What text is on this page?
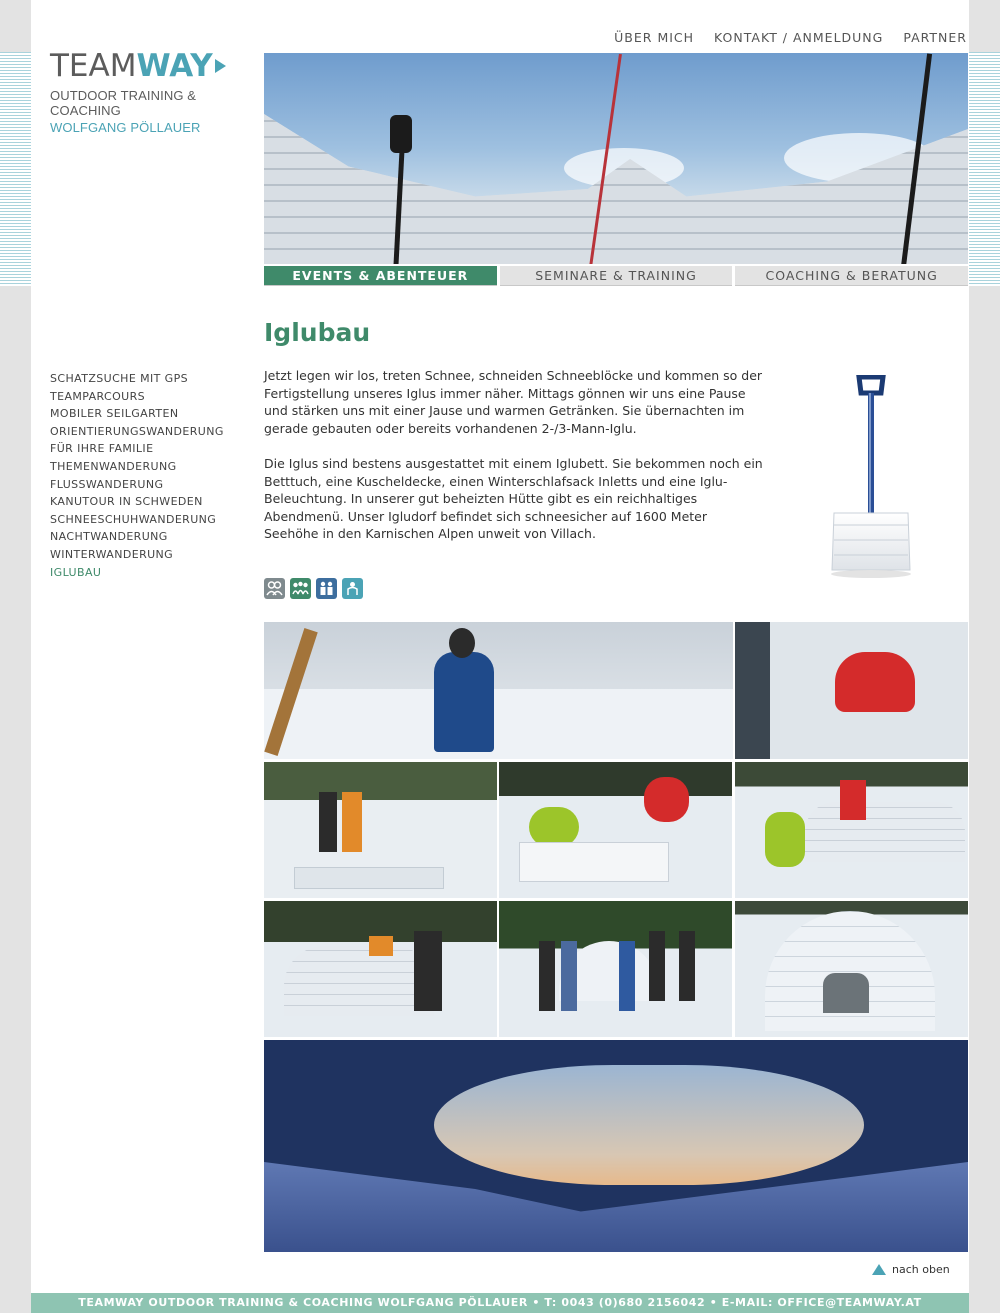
TEAMWAY
OUTDOOR TRAINING & COACHING
WOLFGANG PÖLLAUER
ÜBER MICH KONTAKT / ANMELDUNG PARTNER
EVENTS & ABENTEUER	SEMINARE & TRAINING	COACHING & BERATUNG
SCHATZSUCHE MIT GPS
TEAMPARCOURS
MOBILER SEILGARTEN
ORIENTIERUNGSWANDERUNG
FÜR IHRE FAMILIE
THEMENWANDERUNG
FLUSSWANDERUNG
KANUTOUR IN SCHWEDEN
SCHNEESCHUHWANDERUNG
NACHTWANDERUNG
WINTERWANDERUNG
IGLUBAU
Iglubau

Jetzt legen wir los, treten Schnee, schneiden Schneeblöcke und kommen so der Fertigstellung unseres Iglus immer näher. Mittags gönnen wir uns eine Pause und stärken uns mit einer Jause und warmen Getränken. Sie übernachten im gerade gebauten oder bereits vorhandenen 2-/3-Mann-Iglu.

Die Iglus sind bestens ausgestattet mit einem Iglubett. Sie bekommen noch ein Betttuch, eine Kuscheldecke, einen Winterschlafsack Inletts und eine Iglu-Beleuchtung. In unserer gut beheizten Hütte gibt es ein reichhaltiges Abendmenü. Unser Igludorf befindet sich schneesicher auf 1600 Meter Seehöhe in den Karnischen Alpen unweit von Villach.

nach oben
TEAMWAY OUTDOOR TRAINING & COACHING WOLFGANG PÖLLAUER • T: 0043 (0)680 2156042 • E-MAIL: OFFICE@TEAMWAY.AT
